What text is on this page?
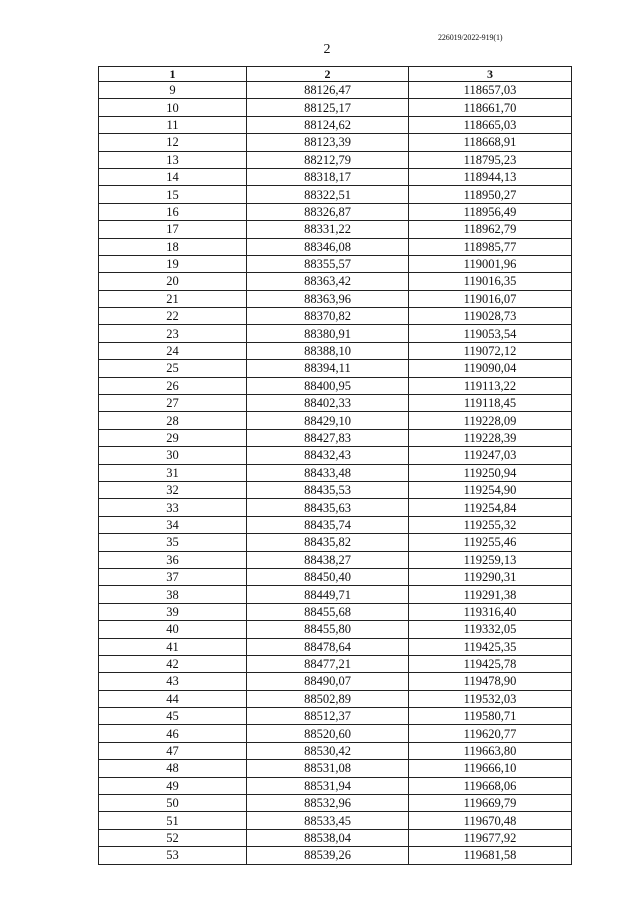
226019/2022-919(1)
2
1	2	3
9	88126,47	118657,03
10	88125,17	118661,70
11	88124,62	118665,03
12	88123,39	118668,91
13	88212,79	118795,23
14	88318,17	118944,13
15	88322,51	118950,27
16	88326,87	118956,49
17	88331,22	118962,79
18	88346,08	118985,77
19	88355,57	119001,96
20	88363,42	119016,35
21	88363,96	119016,07
22	88370,82	119028,73
23	88380,91	119053,54
24	88388,10	119072,12
25	88394,11	119090,04
26	88400,95	119113,22
27	88402,33	119118,45
28	88429,10	119228,09
29	88427,83	119228,39
30	88432,43	119247,03
31	88433,48	119250,94
32	88435,53	119254,90
33	88435,63	119254,84
34	88435,74	119255,32
35	88435,82	119255,46
36	88438,27	119259,13
37	88450,40	119290,31
38	88449,71	119291,38
39	88455,68	119316,40
40	88455,80	119332,05
41	88478,64	119425,35
42	88477,21	119425,78
43	88490,07	119478,90
44	88502,89	119532,03
45	88512,37	119580,71
46	88520,60	119620,77
47	88530,42	119663,80
48	88531,08	119666,10
49	88531,94	119668,06
50	88532,96	119669,79
51	88533,45	119670,48
52	88538,04	119677,92
53	88539,26	119681,58
